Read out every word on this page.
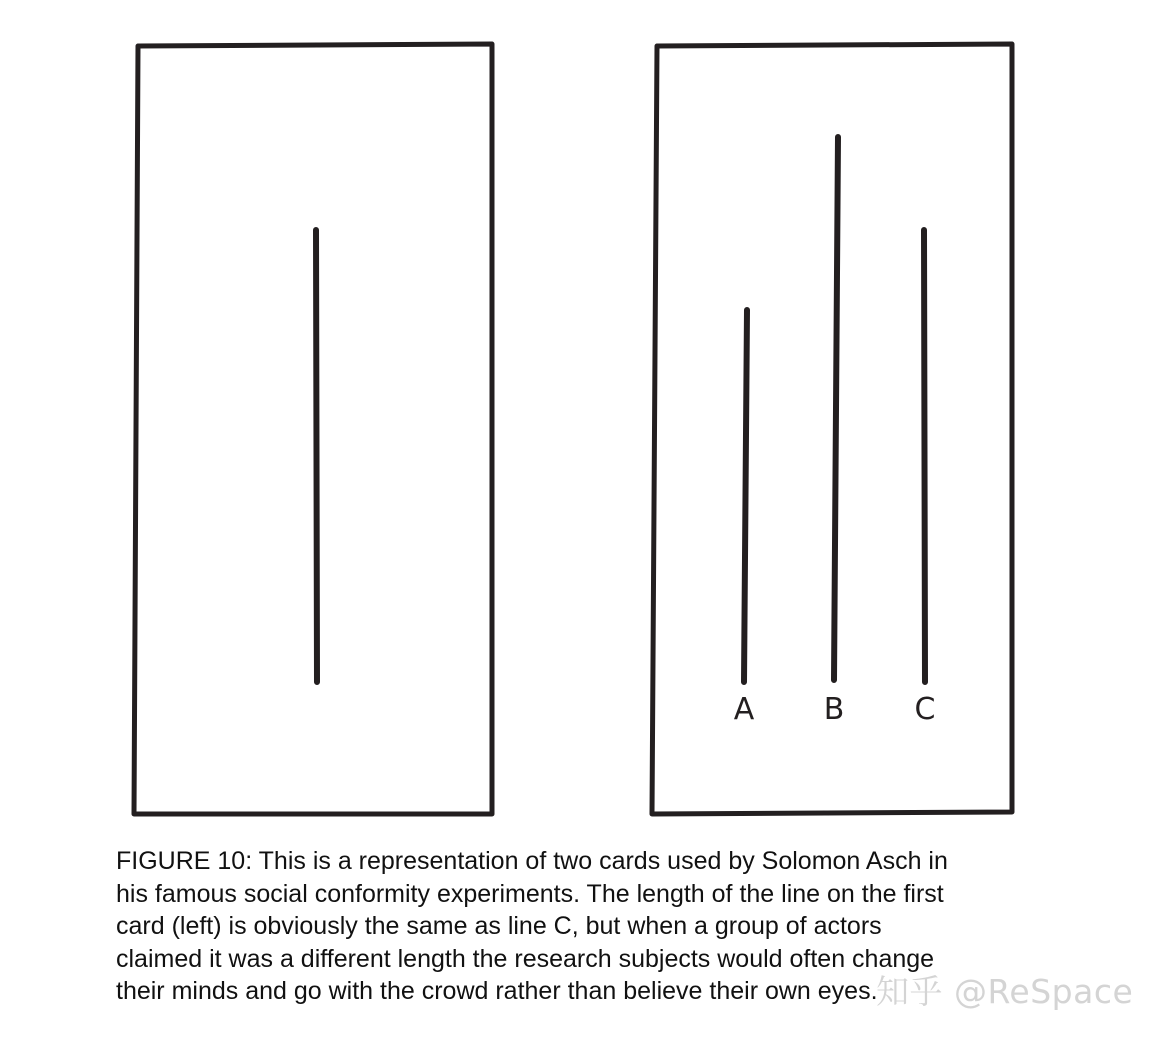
A B C

FIGURE 10: This is a representation of two cards used by Solomon Asch in
his famous social conformity experiments. The length of the line on the first
card (left) is obviously the same as line C, but when a group of actors
claimed it was a different length the research subjects would often change
their minds and go with the crowd rather than believe their own eyes.

知乎 @ReSpace
